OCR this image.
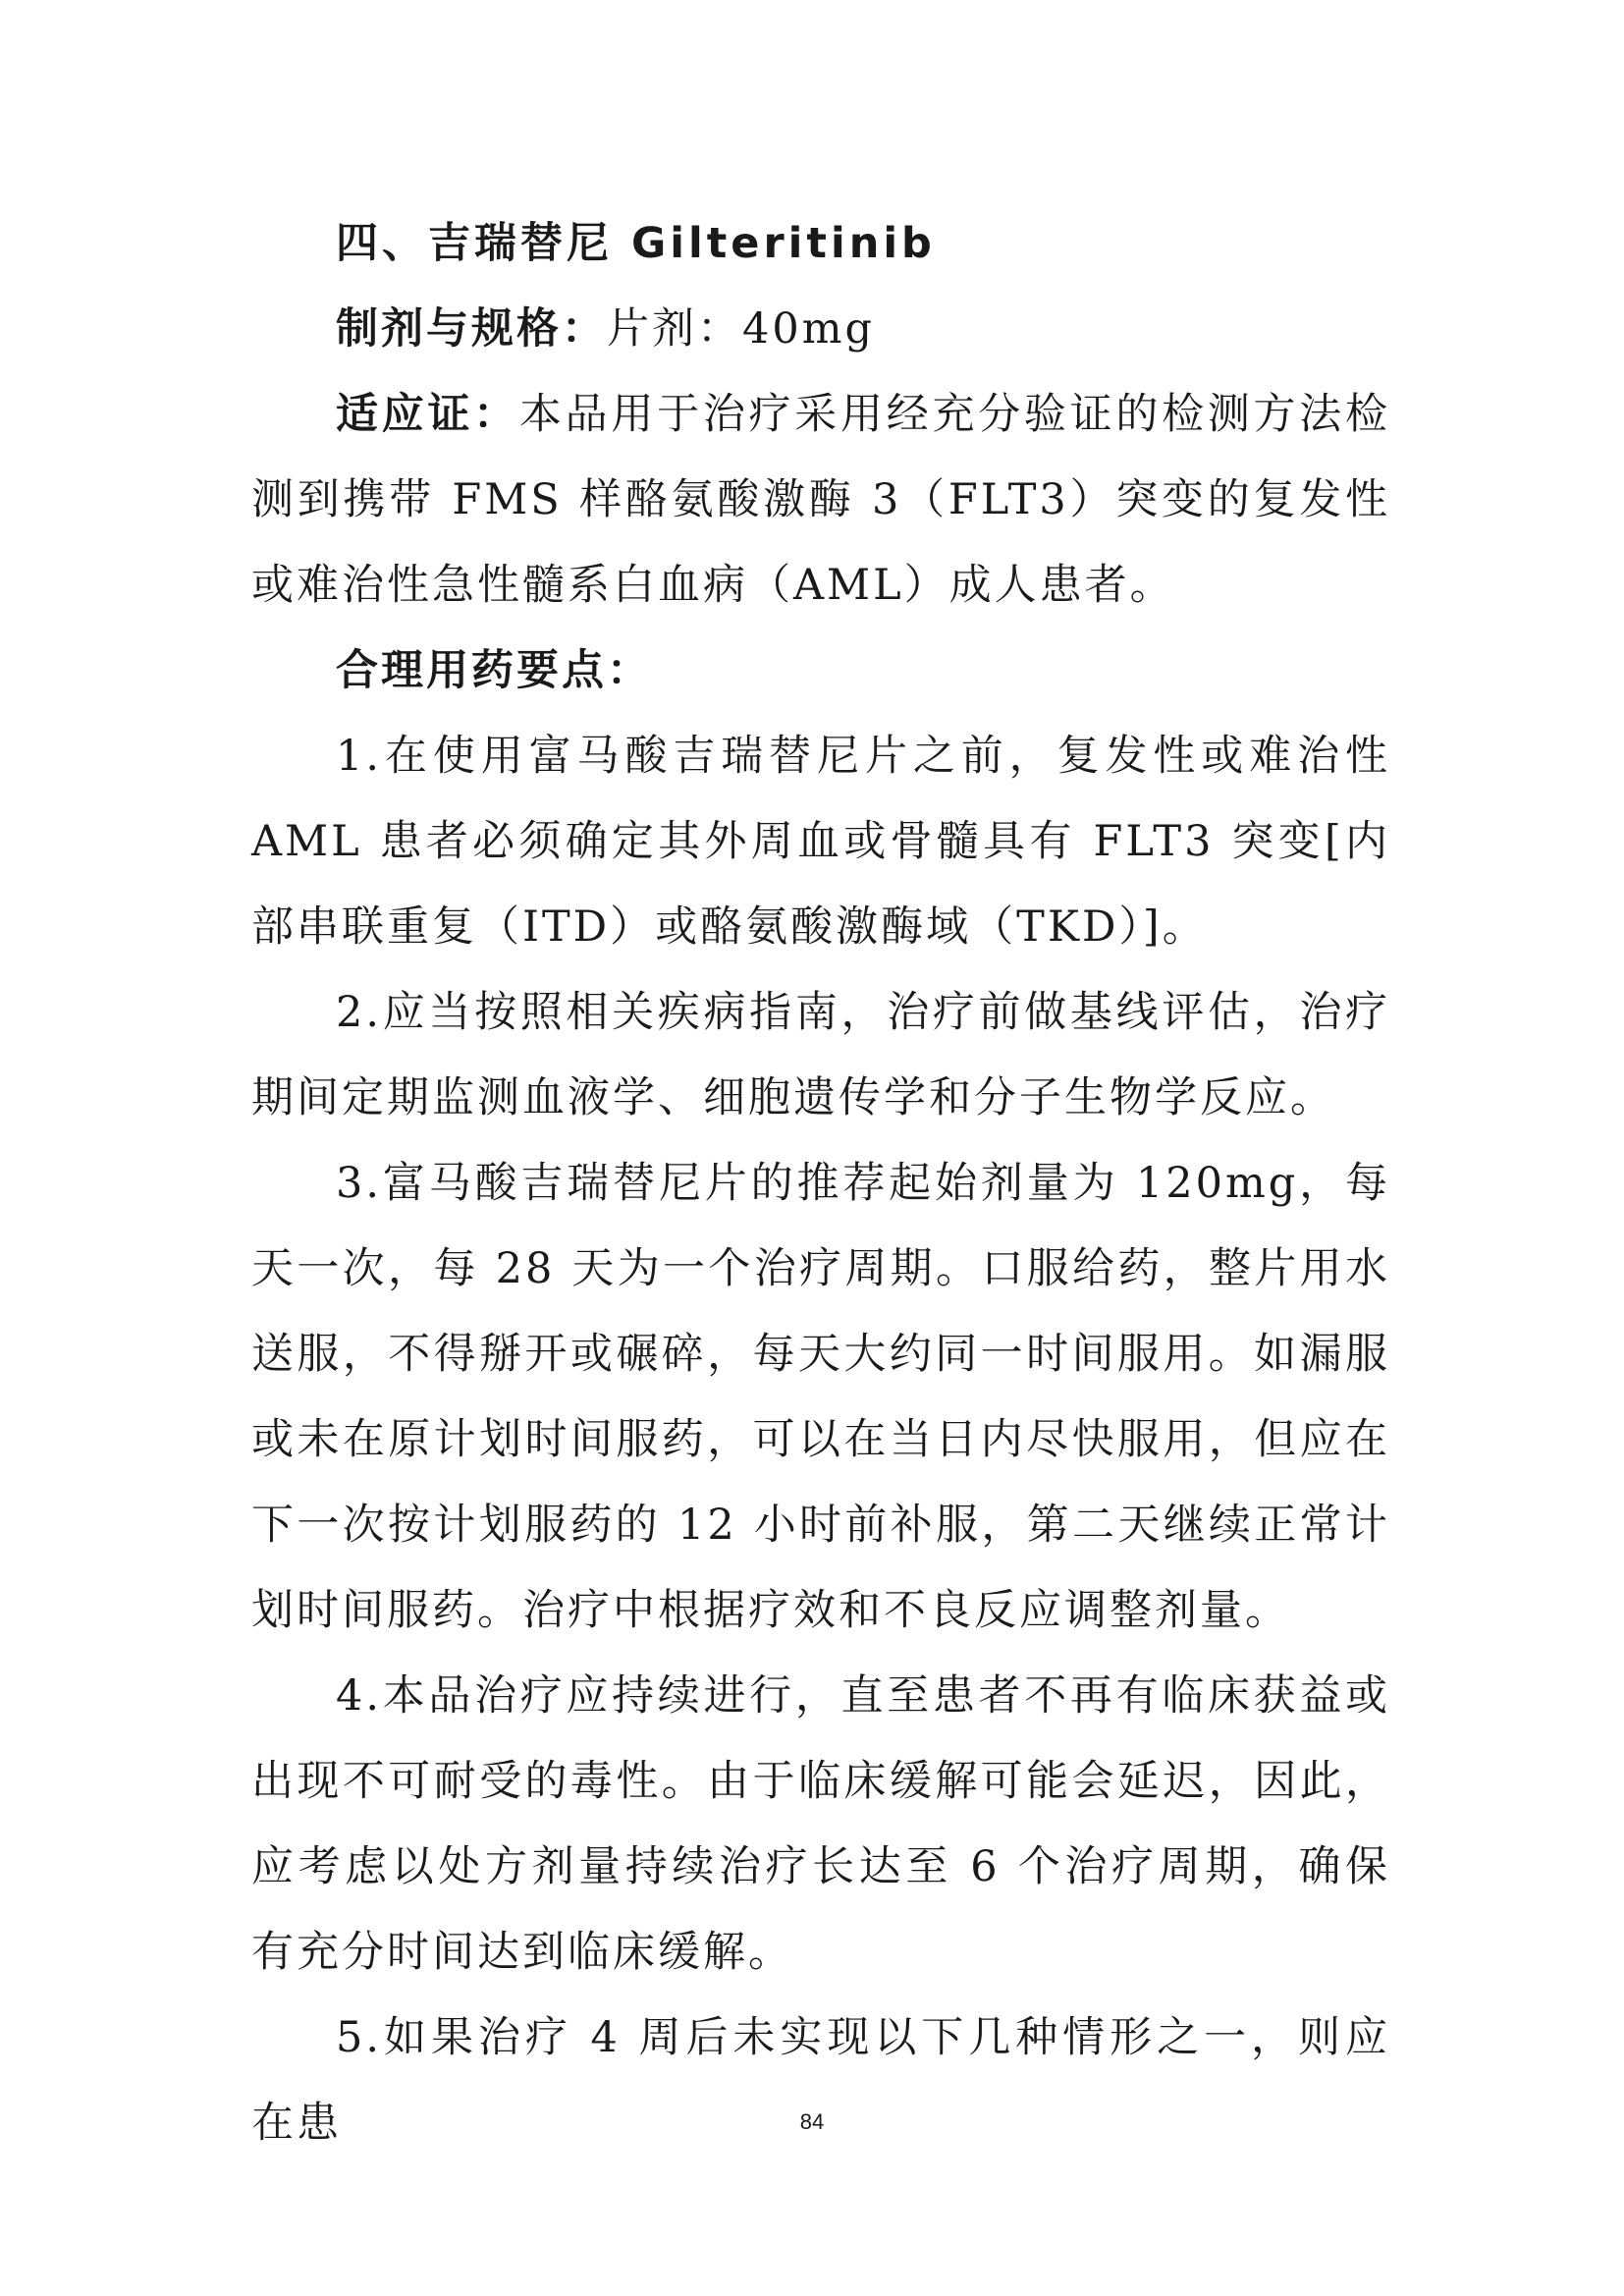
四、吉瑞替尼 Gilteritinib

制剂与规格：片剂：40mg

适应证：本品用于治疗采用经充分验证的检测方法检测到携带 FMS 样酪氨酸激酶 3（FLT3）突变的复发性或难治性急性髓系白血病（AML）成人患者。

合理用药要点：

1.在使用富马酸吉瑞替尼片之前，复发性或难治性 AML 患者必须确定其外周血或骨髓具有 FLT3 突变[内部串联重复（ITD）或酪氨酸激酶域（TKD）]。

2.应当按照相关疾病指南，治疗前做基线评估，治疗期间定期监测血液学、细胞遗传学和分子生物学反应。

3.富马酸吉瑞替尼片的推荐起始剂量为 120mg，每天一次，每 28 天为一个治疗周期。口服给药，整片用水送服，不得掰开或碾碎，每天大约同一时间服用。如漏服或未在原计划时间服药，可以在当日内尽快服用，但应在下一次按计划服药的 12 小时前补服，第二天继续正常计划时间服药。治疗中根据疗效和不良反应调整剂量。

4.本品治疗应持续进行，直至患者不再有临床获益或出现不可耐受的毒性。由于临床缓解可能会延迟，因此，应考虑以处方剂量持续治疗长达至 6 个治疗周期，确保有充分时间达到临床缓解。

5.如果治疗 4 周后未实现以下几种情形之一，则应在患	84
